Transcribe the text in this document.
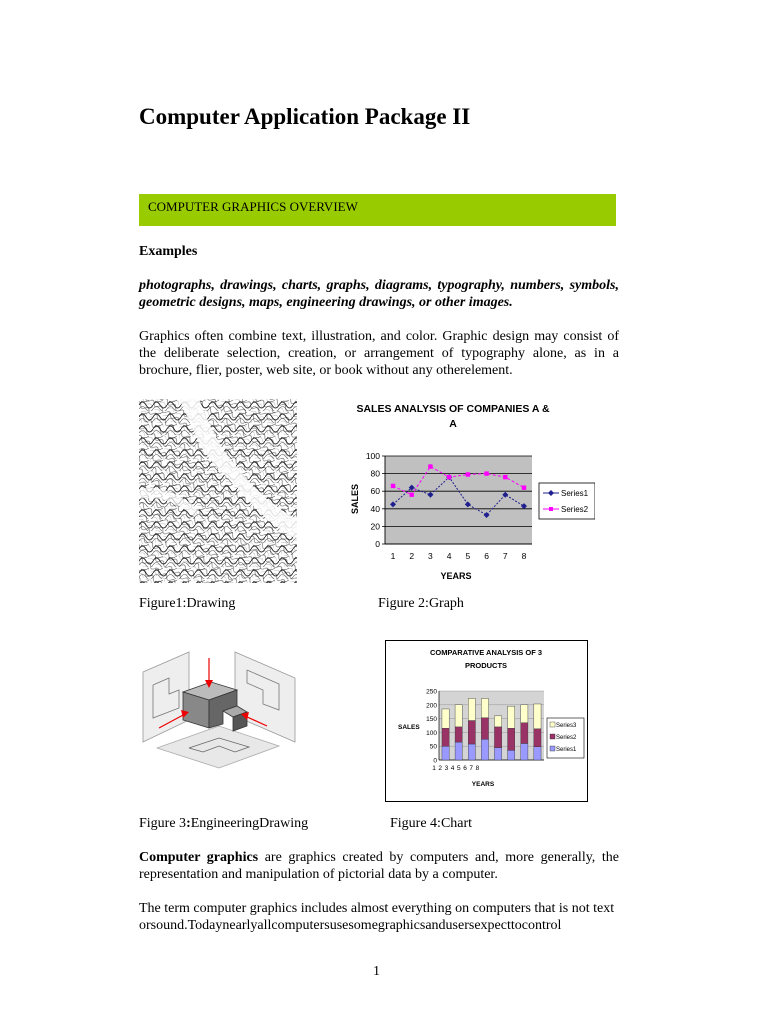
Computer Application Package II
COMPUTER GRAPHICS OVERVIEW
Examples
photographs, drawings, charts, graphs, diagrams, typography, numbers, symbols, geometric designs, maps, engineering drawings, or other images.
Graphics often combine text, illustration, and color. Graphic design may consist of the deliberate selection, creation, or arrangement of typography alone, as in a brochure, flier, poster, web site, or book without any otherelement.
SALES ANALYSIS OF COMPANIES A &
A
YEARS
SALES
0
20
40
60
80
100
1 2 3 4 5 6 7 8
Series1
Series2
Figure1:Drawing	Figure 2:Graph
COMPARATIVE ANALYSIS OF 3
PRODUCTS
YEARS
SALES
0
50
100
150
200
250
1 2 3 4 5 6 7 8
Series3
Series2
Series1
Figure 3:EngineeringDrawing	Figure 4:Chart
Computer graphics are graphics created by computers and, more generally, the representation and manipulation of pictorial data by a computer.
The term computer graphics includes almost everything on computers that is not text
orsound.Todaynearlyallcomputersusesomegraphicsandusersexpecttocontrol
1
